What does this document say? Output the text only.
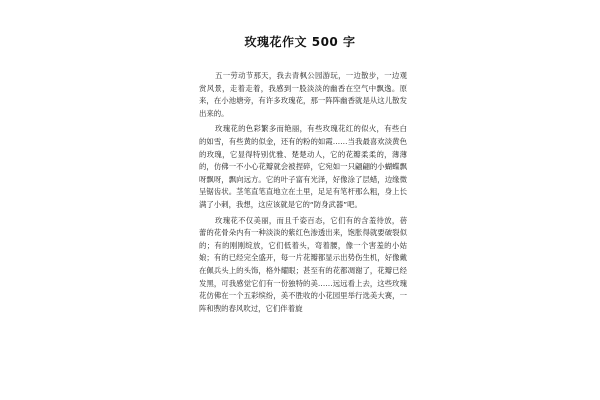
玫瑰花作文 500 字

五一劳动节那天，我去青枫公园游玩，一边散步，一边观赏风景，走着走着，我感到一股淡淡的幽香在空气中飘逸。原来，在小池塘旁，有许多玫瑰花，那一阵阵幽香就是从这儿散发出来的。

玫瑰花的色彩繁多而艳丽，有些玫瑰花红的似火，有些白的如雪，有些黄的似金，还有的粉的如霞……当我最喜欢淡黄色的玫瑰，它显得特别优雅、楚楚动人，它的花瓣柔柔的，薄薄的，仿佛一不小心花瓣就会被捏碎，它宛如一只翩翩的小蝴蝶飘呀飘呀，飘向远方。它的叶子富有光泽，好像涂了层蜡，边缘微呈锯齿状。茎笔直笔直地立在土里，足足有笔杆那么粗，身上长满了小刺，我想，这应该就是它的“防身武器”吧。

玫瑰花不仅美丽，而且千姿百态，它们有的含羞待放，蓓蕾的花骨朵内有一种淡淡的紫红色渗透出来，饱胀得就要破裂似的；有的刚刚绽放，它们低着头，弯着腰，像一个害羞的小姑娘；有的已经完全盛开，每一片花瓣都显示出势伤生机，好像戴在佩兵头上的头饰，格外耀眼；甚至有的花都凋谢了，花瓣已经发黑，可我感觉它们有一份独特的美……远远看上去，这些玫瑰花仿佛在一个五彩缤纷，美不胜收的小花园里举行选美大赛，一阵和煦的春风吹过，它们伴着旋
